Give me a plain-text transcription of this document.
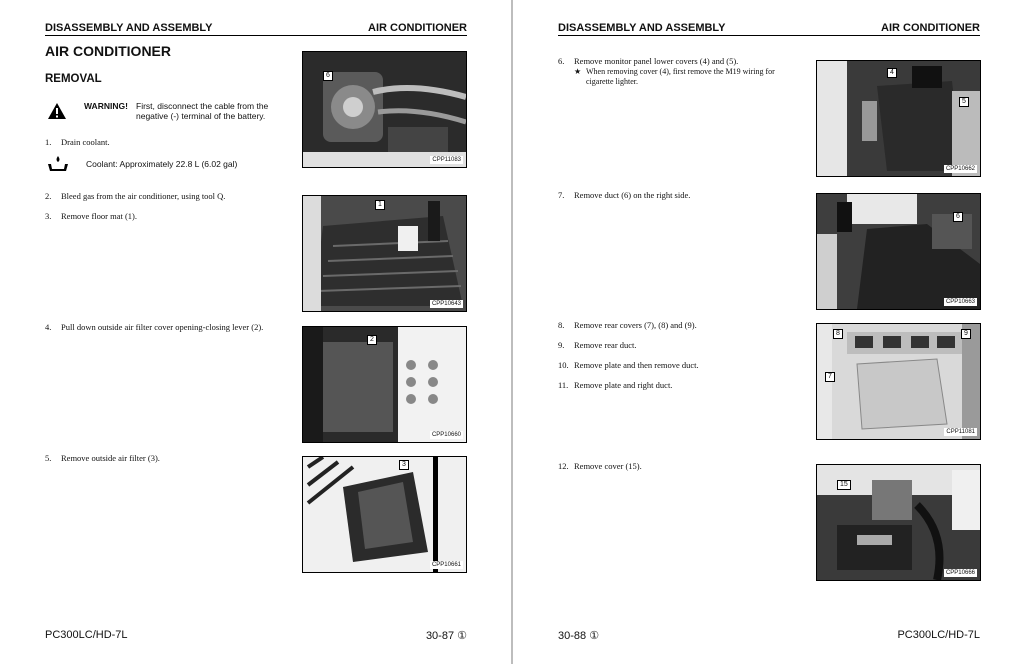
DISASSEMBLY AND ASSEMBLY	AIR CONDITIONER
AIR CONDITIONER
REMOVAL
WARNING! First, disconnect the cable from the
negative (-) terminal of the battery.
1. Drain coolant.
Coolant: Approximately 22.8 L (6.02 gal)
2. Bleed gas from the air conditioner, using tool Q.
3. Remove floor mat (1).
4. Pull down outside air filter cover opening-closing lever (2).
5. Remove outside air filter (3).
6
CPP11083
1
CPP10643
2
CPP10660
3
CPP10661
PC300LC/HD-7L	30-87 ①
DISASSEMBLY AND ASSEMBLY	AIR CONDITIONER
6. Remove monitor panel lower covers (4) and (5).
★ When removing cover (4), first remove the M19 wiring for
cigarette lighter.
7. Remove duct (6) on the right side.
8. Remove rear covers (7), (8) and (9).
9. Remove rear duct.
10. Remove plate and then remove duct.
11. Remove plate and right duct.
12. Remove cover (15).
4
5
CPP10662
6
CPP10663
8	9
7
CPP11081
15
CPP10666
30-88 ①	PC300LC/HD-7L
